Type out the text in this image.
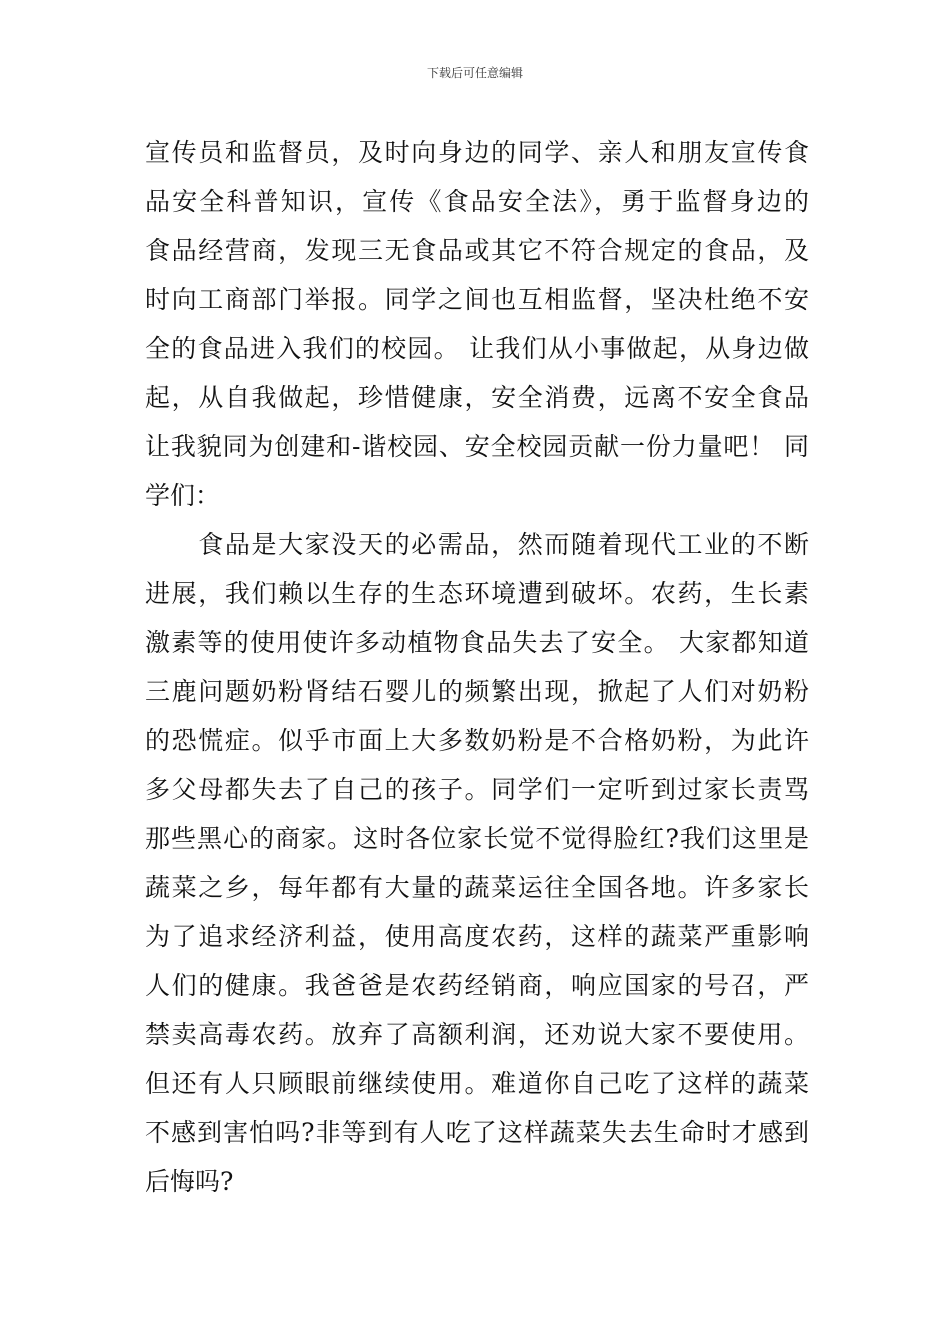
下载后可任意编辑
宣传员和监督员，及时向身边的同学、亲人和朋友宣传食
品安全科普知识，宣传《食品安全法》，勇于监督身边的
食品经营商，发现三无食品或其它不符合规定的食品，及
时向工商部门举报。同学之间也互相监督，坚决杜绝不安
全的食品进入我们的校园。 让我们从小事做起，从身边做
起，从自我做起，珍惜健康，安全消费，远离不安全食品
让我貌同为创建和-谐校园、安全校园贡献一份力量吧！ 同
学们：
　　食品是大家没天的必需品，然而随着现代工业的不断
进展，我们赖以生存的生态环境遭到破坏。农药，生长素
激素等的使用使许多动植物食品失去了安全。 大家都知道
三鹿问题奶粉肾结石婴儿的频繁出现，掀起了人们对奶粉
的恐慌症。似乎市面上大多数奶粉是不合格奶粉，为此许
多父母都失去了自己的孩子。同学们一定听到过家长责骂
那些黑心的商家。这时各位家长觉不觉得脸红?我们这里是
蔬菜之乡，每年都有大量的蔬菜运往全国各地。许多家长
为了追求经济利益，使用高度农药，这样的蔬菜严重影响
人们的健康。我爸爸是农药经销商，响应国家的号召，严
禁卖高毒农药。放弃了高额利润，还劝说大家不要使用。
但还有人只顾眼前继续使用。难道你自己吃了这样的蔬菜
不感到害怕吗?非等到有人吃了这样蔬菜失去生命时才感到
后悔吗?
